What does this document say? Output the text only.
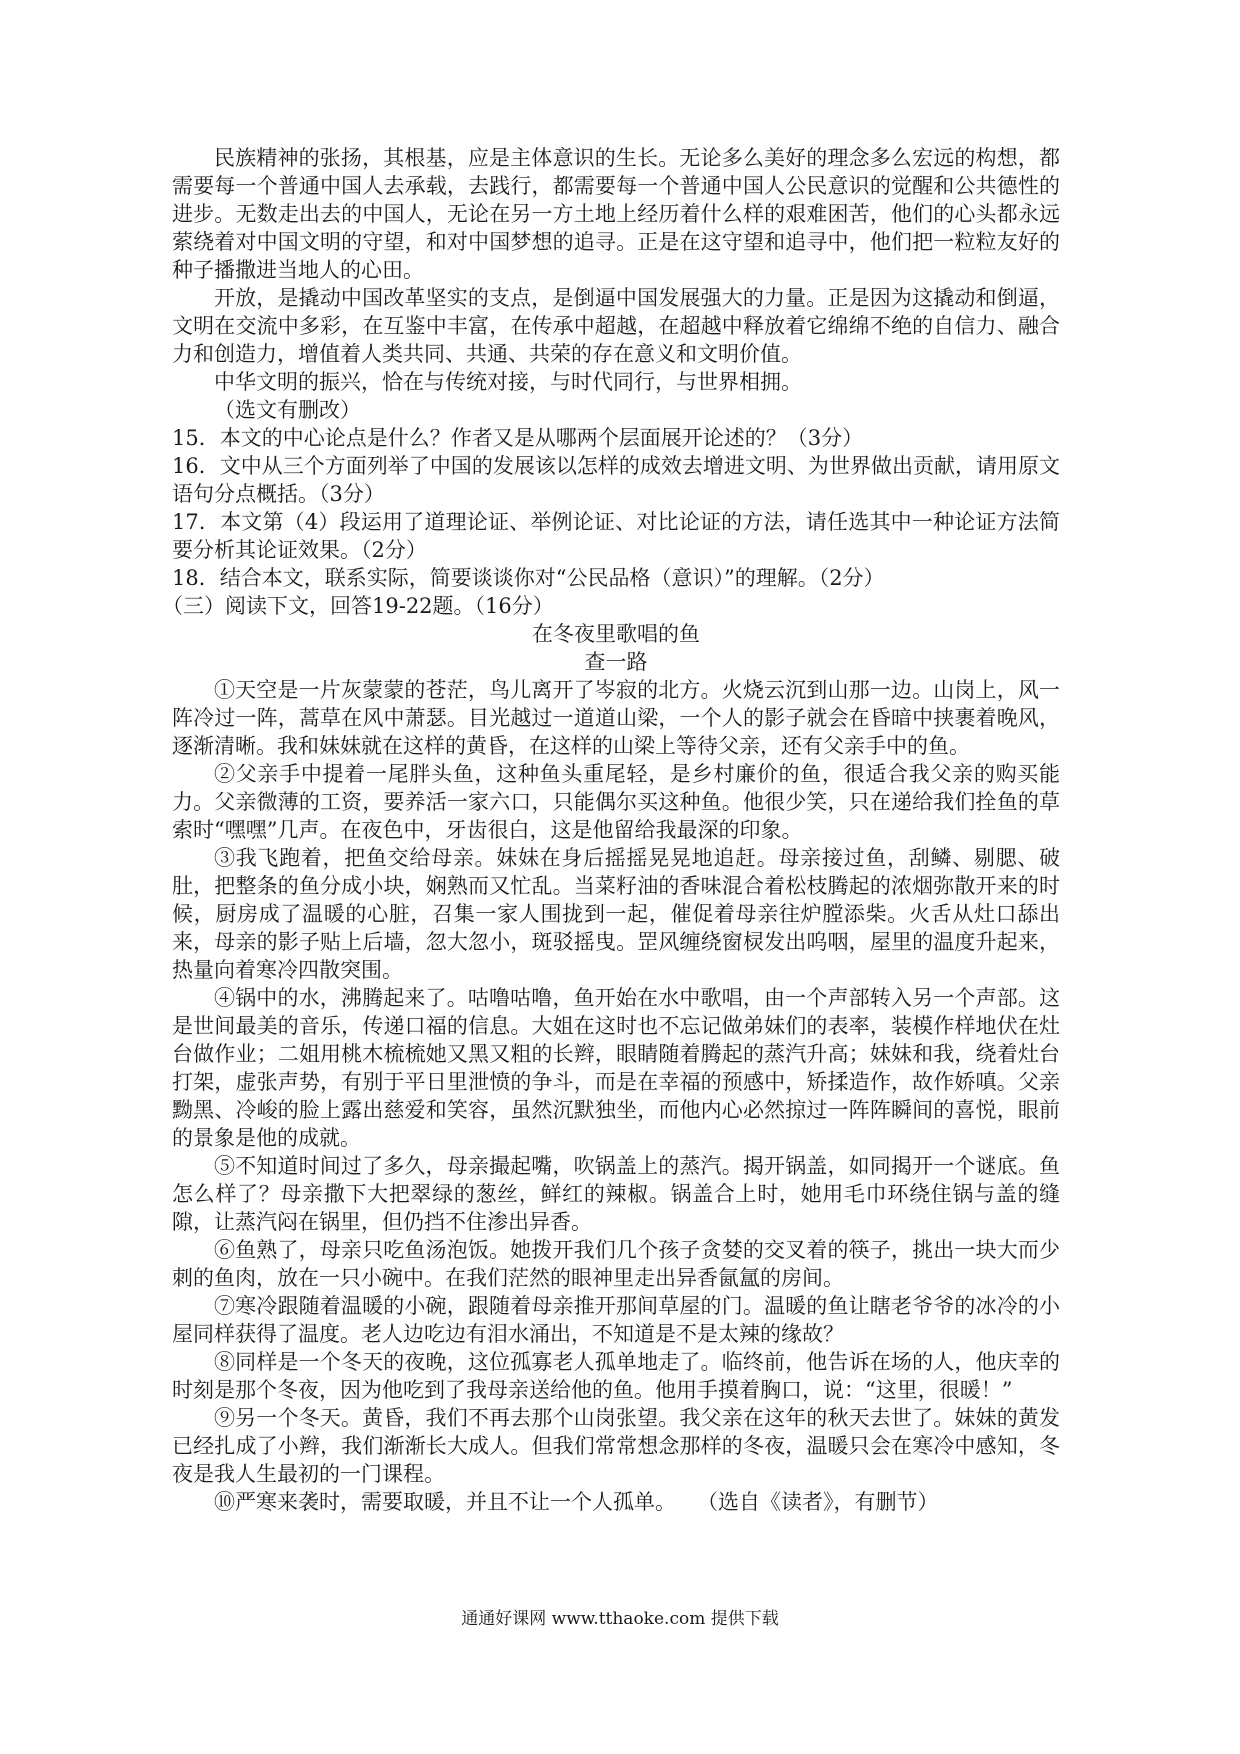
民族精神的张扬，其根基，应是主体意识的生长。无论多么美好的理念多么宏远的构想，都需要每一个普通中国人去承载，去践行，都需要每一个普通中国人公民意识的觉醒和公共德性的进步。无数走出去的中国人，无论在另一方土地上经历着什么样的艰难困苦，他们的心头都永远萦绕着对中国文明的守望，和对中国梦想的追寻。正是在这守望和追寻中，他们把一粒粒友好的种子播撒进当地人的心田。

开放，是撬动中国改革坚实的支点，是倒逼中国发展强大的力量。正是因为这撬动和倒逼，文明在交流中多彩，在互鉴中丰富，在传承中超越，在超越中释放着它绵绵不绝的自信力、融合力和创造力，增值着人类共同、共通、共荣的存在意义和文明价值。

中华文明的振兴，恰在与传统对接，与时代同行，与世界相拥。

（选文有删改）

15．本文的中心论点是什么？作者又是从哪两个层面展开论述的？（3分）

16．文中从三个方面列举了中国的发展该以怎样的成效去增进文明、为世界做出贡献，请用原文语句分点概括。（3分）

17．本文第（4）段运用了道理论证、举例论证、对比论证的方法，请任选其中一种论证方法简要分析其论证效果。（2分）

18．结合本文，联系实际，简要谈谈你对“公民品格（意识）”的理解。（2分）

（三）阅读下文，回答19-22题。（16分）

在冬夜里歌唱的鱼

查一路

①天空是一片灰蒙蒙的苍茫，鸟儿离开了岑寂的北方。火烧云沉到山那一边。山岗上，风一阵冷过一阵，蒿草在风中萧瑟。目光越过一道道山梁，一个人的影子就会在昏暗中挟裹着晚风，逐渐清晰。我和妹妹就在这样的黄昏，在这样的山梁上等待父亲，还有父亲手中的鱼。

②父亲手中提着一尾胖头鱼，这种鱼头重尾轻，是乡村廉价的鱼，很适合我父亲的购买能力。父亲微薄的工资，要养活一家六口，只能偶尔买这种鱼。他很少笑，只在递给我们拴鱼的草索时“嘿嘿”几声。在夜色中，牙齿很白，这是他留给我最深的印象。

③我飞跑着，把鱼交给母亲。妹妹在身后摇摇晃晃地追赶。母亲接过鱼，刮鳞、剔腮、破肚，把整条的鱼分成小块，娴熟而又忙乱。当菜籽油的香味混合着松枝腾起的浓烟弥散开来的时候，厨房成了温暖的心脏，召集一家人围拢到一起，催促着母亲往炉膛添柴。火舌从灶口舔出来，母亲的影子贴上后墙，忽大忽小，斑驳摇曳。罡风缠绕窗棂发出呜咽，屋里的温度升起来，热量向着寒冷四散突围。

④锅中的水，沸腾起来了。咕噜咕噜，鱼开始在水中歌唱，由一个声部转入另一个声部。这是世间最美的音乐，传递口福的信息。大姐在这时也不忘记做弟妹们的表率，装模作样地伏在灶台做作业；二姐用桃木梳梳她又黑又粗的长辫，眼睛随着腾起的蒸汽升高；妹妹和我，绕着灶台打架，虚张声势，有别于平日里泄愤的争斗，而是在幸福的预感中，矫揉造作，故作娇嗔。父亲黝黑、冷峻的脸上露出慈爱和笑容，虽然沉默独坐，而他内心必然掠过一阵阵瞬间的喜悦，眼前的景象是他的成就。

⑤不知道时间过了多久，母亲撮起嘴，吹锅盖上的蒸汽。揭开锅盖，如同揭开一个谜底。鱼怎么样了？母亲撒下大把翠绿的葱丝，鲜红的辣椒。锅盖合上时，她用毛巾环绕住锅与盖的缝隙，让蒸汽闷在锅里，但仍挡不住渗出异香。

⑥鱼熟了，母亲只吃鱼汤泡饭。她拨开我们几个孩子贪婪的交叉着的筷子，挑出一块大而少刺的鱼肉，放在一只小碗中。在我们茫然的眼神里走出异香氤氲的房间。

⑦寒冷跟随着温暖的小碗，跟随着母亲推开那间草屋的门。温暖的鱼让瞎老爷爷的冰冷的小屋同样获得了温度。老人边吃边有泪水涌出，不知道是不是太辣的缘故？

⑧同样是一个冬天的夜晚，这位孤寡老人孤单地走了。临终前，他告诉在场的人，他庆幸的时刻是那个冬夜，因为他吃到了我母亲送给他的鱼。他用手摸着胸口，说：“这里，很暖！”

⑨另一个冬天。黄昏，我们不再去那个山岗张望。我父亲在这年的秋天去世了。妹妹的黄发已经扎成了小辫，我们渐渐长大成人。但我们常常想念那样的冬夜，温暖只会在寒冷中感知，冬夜是我人生最初的一门课程。

⑩严寒来袭时，需要取暖，并且不让一个人孤单。　　（选自《读者》，有删节）

通通好课网 www.tthaoke.com 提供下载
